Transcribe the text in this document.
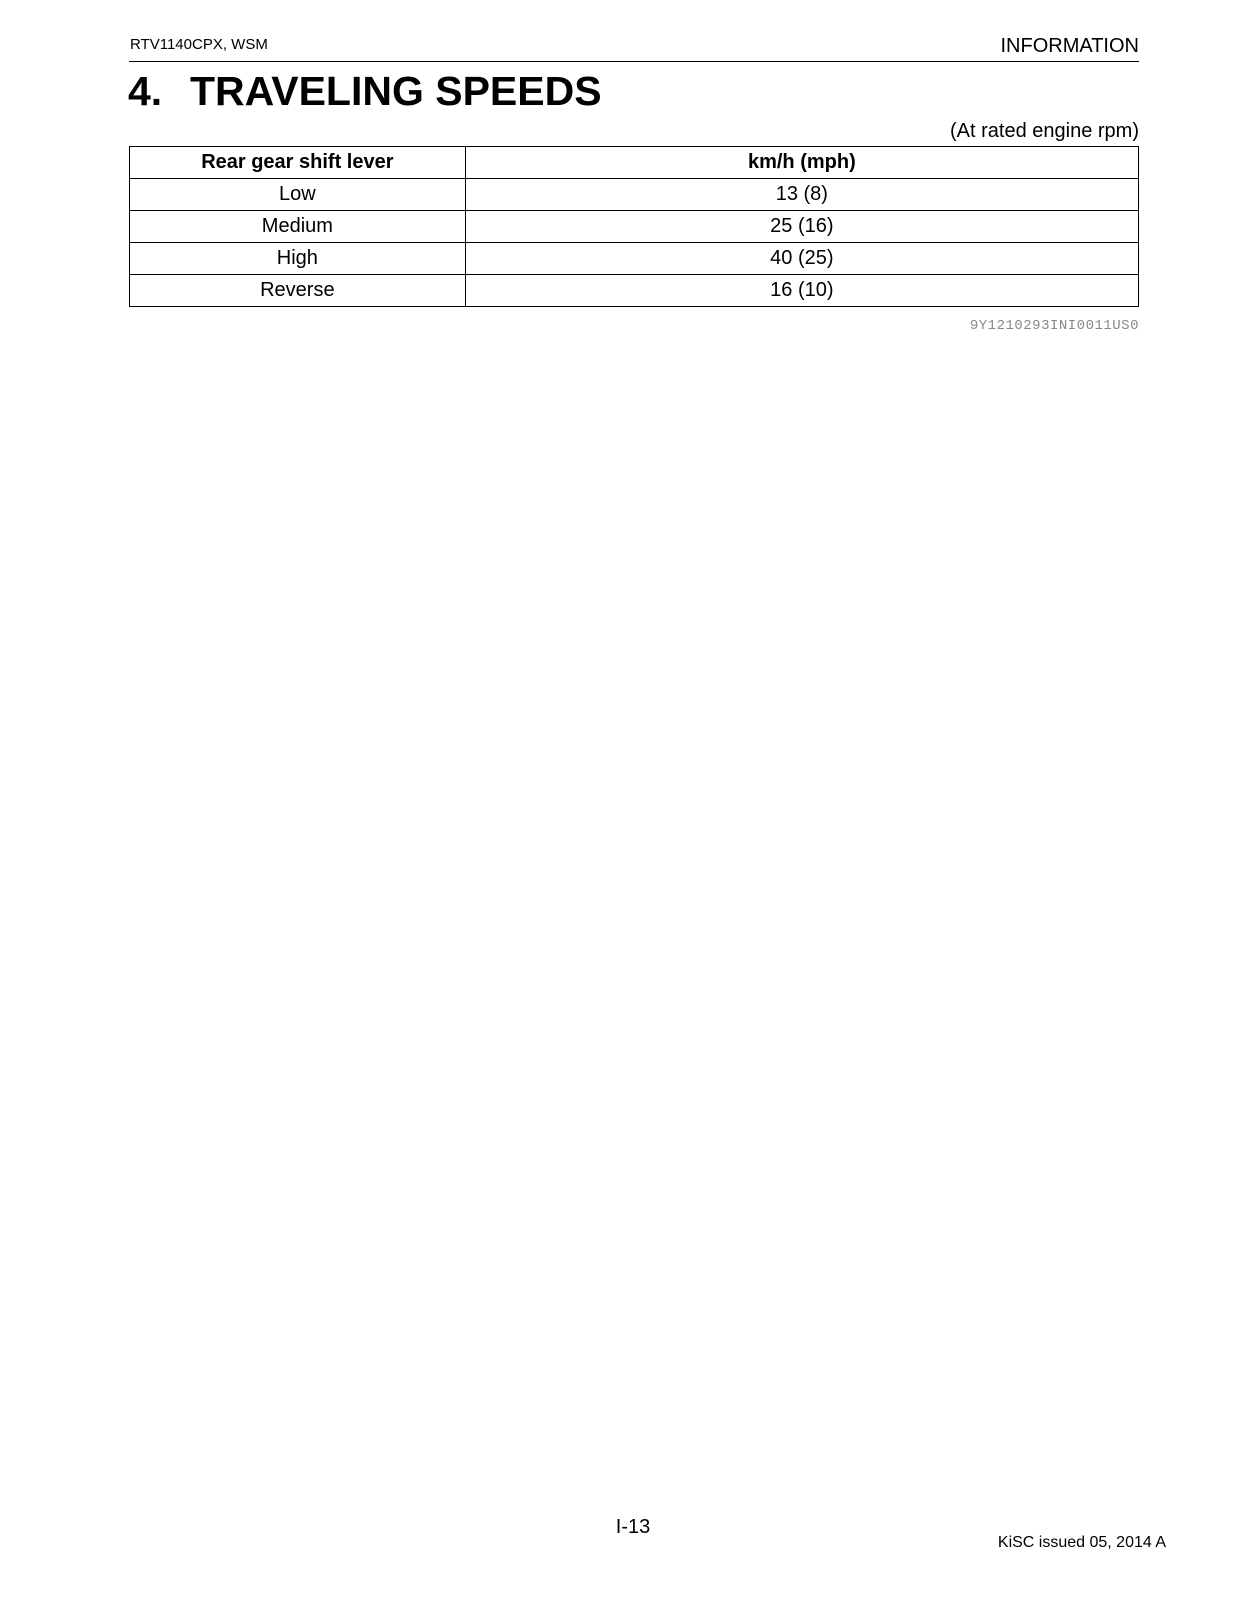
RTV1140CPX, WSM	INFORMATION
4. TRAVELING SPEEDS
(At rated engine rpm)
Rear gear shift lever	km/h (mph)
Low	13 (8)
Medium	25 (16)
High	40 (25)
Reverse	16 (10)
9Y1210293INI0011US0
I-13
KiSC issued 05, 2014 A
